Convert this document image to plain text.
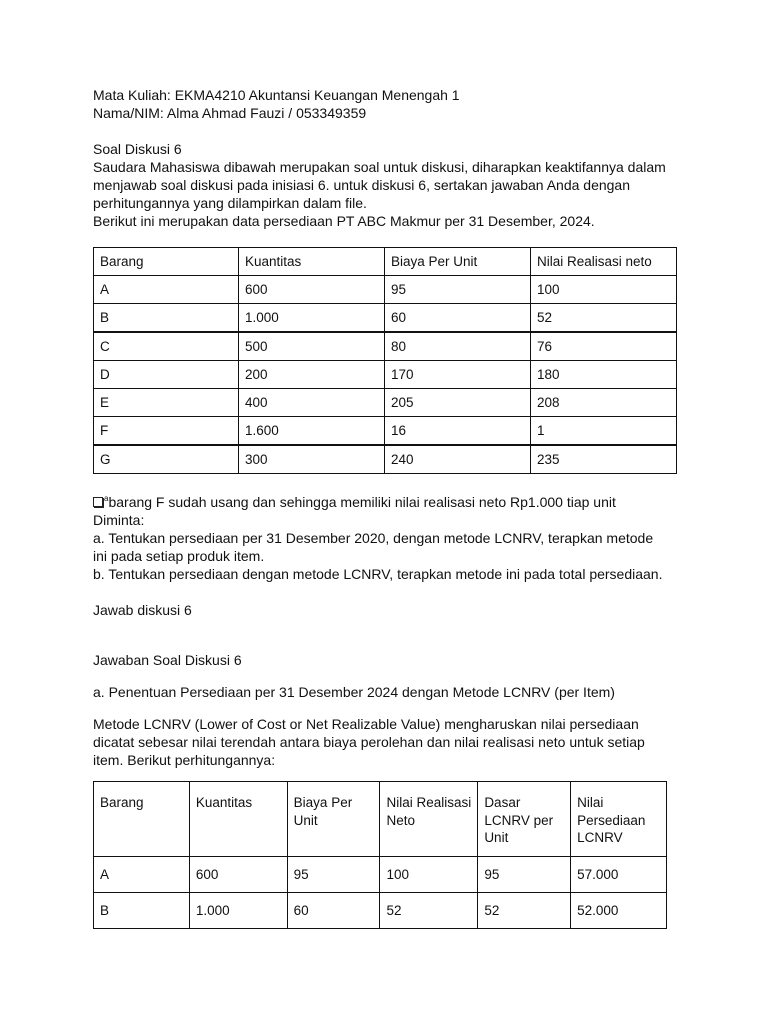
Mata Kuliah: EKMA4210 Akuntansi Keuangan Menengah 1

Nama/NIM: Alma Ahmad Fauzi / 053349359

Soal Diskusi 6

Saudara Mahasiswa dibawah merupakan soal untuk diskusi, diharapkan keaktifannya dalam

menjawab soal diskusi pada inisiasi 6. untuk diskusi 6, sertakan jawaban Anda dengan

perhitungannya yang dilampirkan dalam file.

Berikut ini merupakan data persediaan PT ABC Makmur per 31 Desember, 2024.

Barang	Kuantitas	Biaya Per Unit	Nilai Realisasi neto
A	600	95	100
B	1.000	60	52
C	500	80	76
D	200	170	180
E	400	205	208
F	1.600	16	1
G	300	240	235

$^a$barang F sudah usang dan sehingga memiliki nilai realisasi neto Rp1.000 tiap unit

Diminta:

a. Tentukan persediaan per 31 Desember 2020, dengan metode LCNRV, terapkan metode

ini pada setiap produk item.

b. Tentukan persediaan dengan metode LCNRV, terapkan metode ini pada total persediaan.

Jawab diskusi 6

Jawaban Soal Diskusi 6

a. Penentuan Persediaan per 31 Desember 2024 dengan Metode LCNRV (per Item)

Metode LCNRV (Lower of Cost or Net Realizable Value) mengharuskan nilai persediaan

dicatat sebesar nilai terendah antara biaya perolehan dan nilai realisasi neto untuk setiap

item. Berikut perhitungannya:

Barang	Kuantitas	Biaya Per Unit	Nilai Realisasi Neto	Dasar LCNRV per Unit	Nilai Persediaan LCNRV
A	600	95	100	95	57.000
B	1.000	60	52	52	52.000
